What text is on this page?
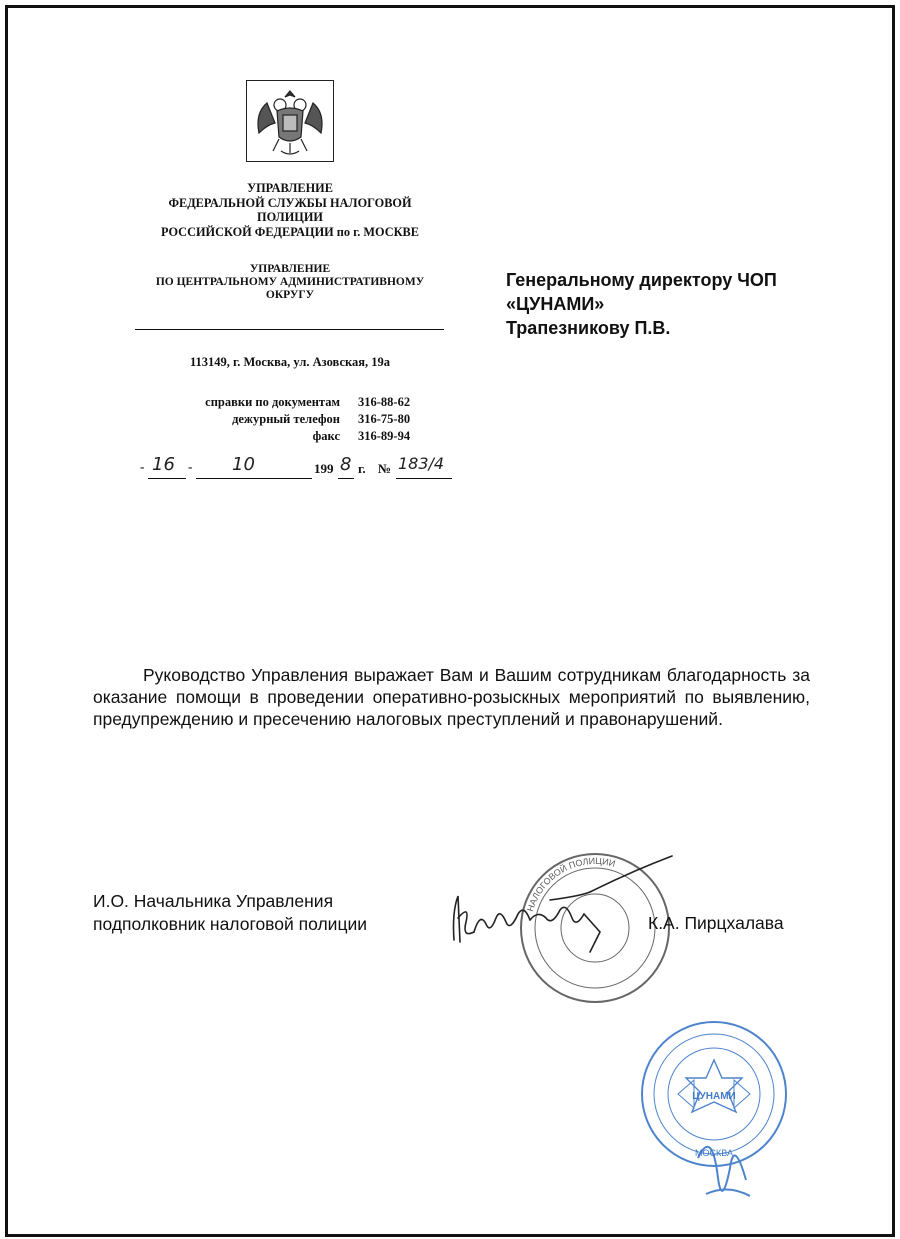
УПРАВЛЕНИЕ
ФЕДЕРАЛЬНОЙ СЛУЖБЫ НАЛОГОВОЙ
ПОЛИЦИИ
РОССИЙСКОЙ ФЕДЕРАЦИИ по г. МОСКВЕ
УПРАВЛЕНИЕ
ПО ЦЕНТРАЛЬНОМУ АДМИНИСТРАТИВНОМУ
ОКРУГУ
113149, г. Москва, ул. Азовская, 19а
справки по документам	316-88-62
дежурный телефон	316-75-80
факс	316-89-94
- 16 - 10	199 8 г. № 183/4
Генеральному директору ЧОП
«ЦУНАМИ»
Трапезникову П.В.

Руководство Управления выражает Вам и Вашим сотрудникам благодарность за оказание помощи в проведении оперативно-розыскных мероприятий по выявлению, предупреждению и пресечению налоговых преступлений и правонарушений.

НАЛОГОВОЙ ПОЛИЦИИ
И.О. Начальника Управления
подполковник налоговой полиции	К.А. Пирцхалава
ЦУНАМИ
МОСКВА
